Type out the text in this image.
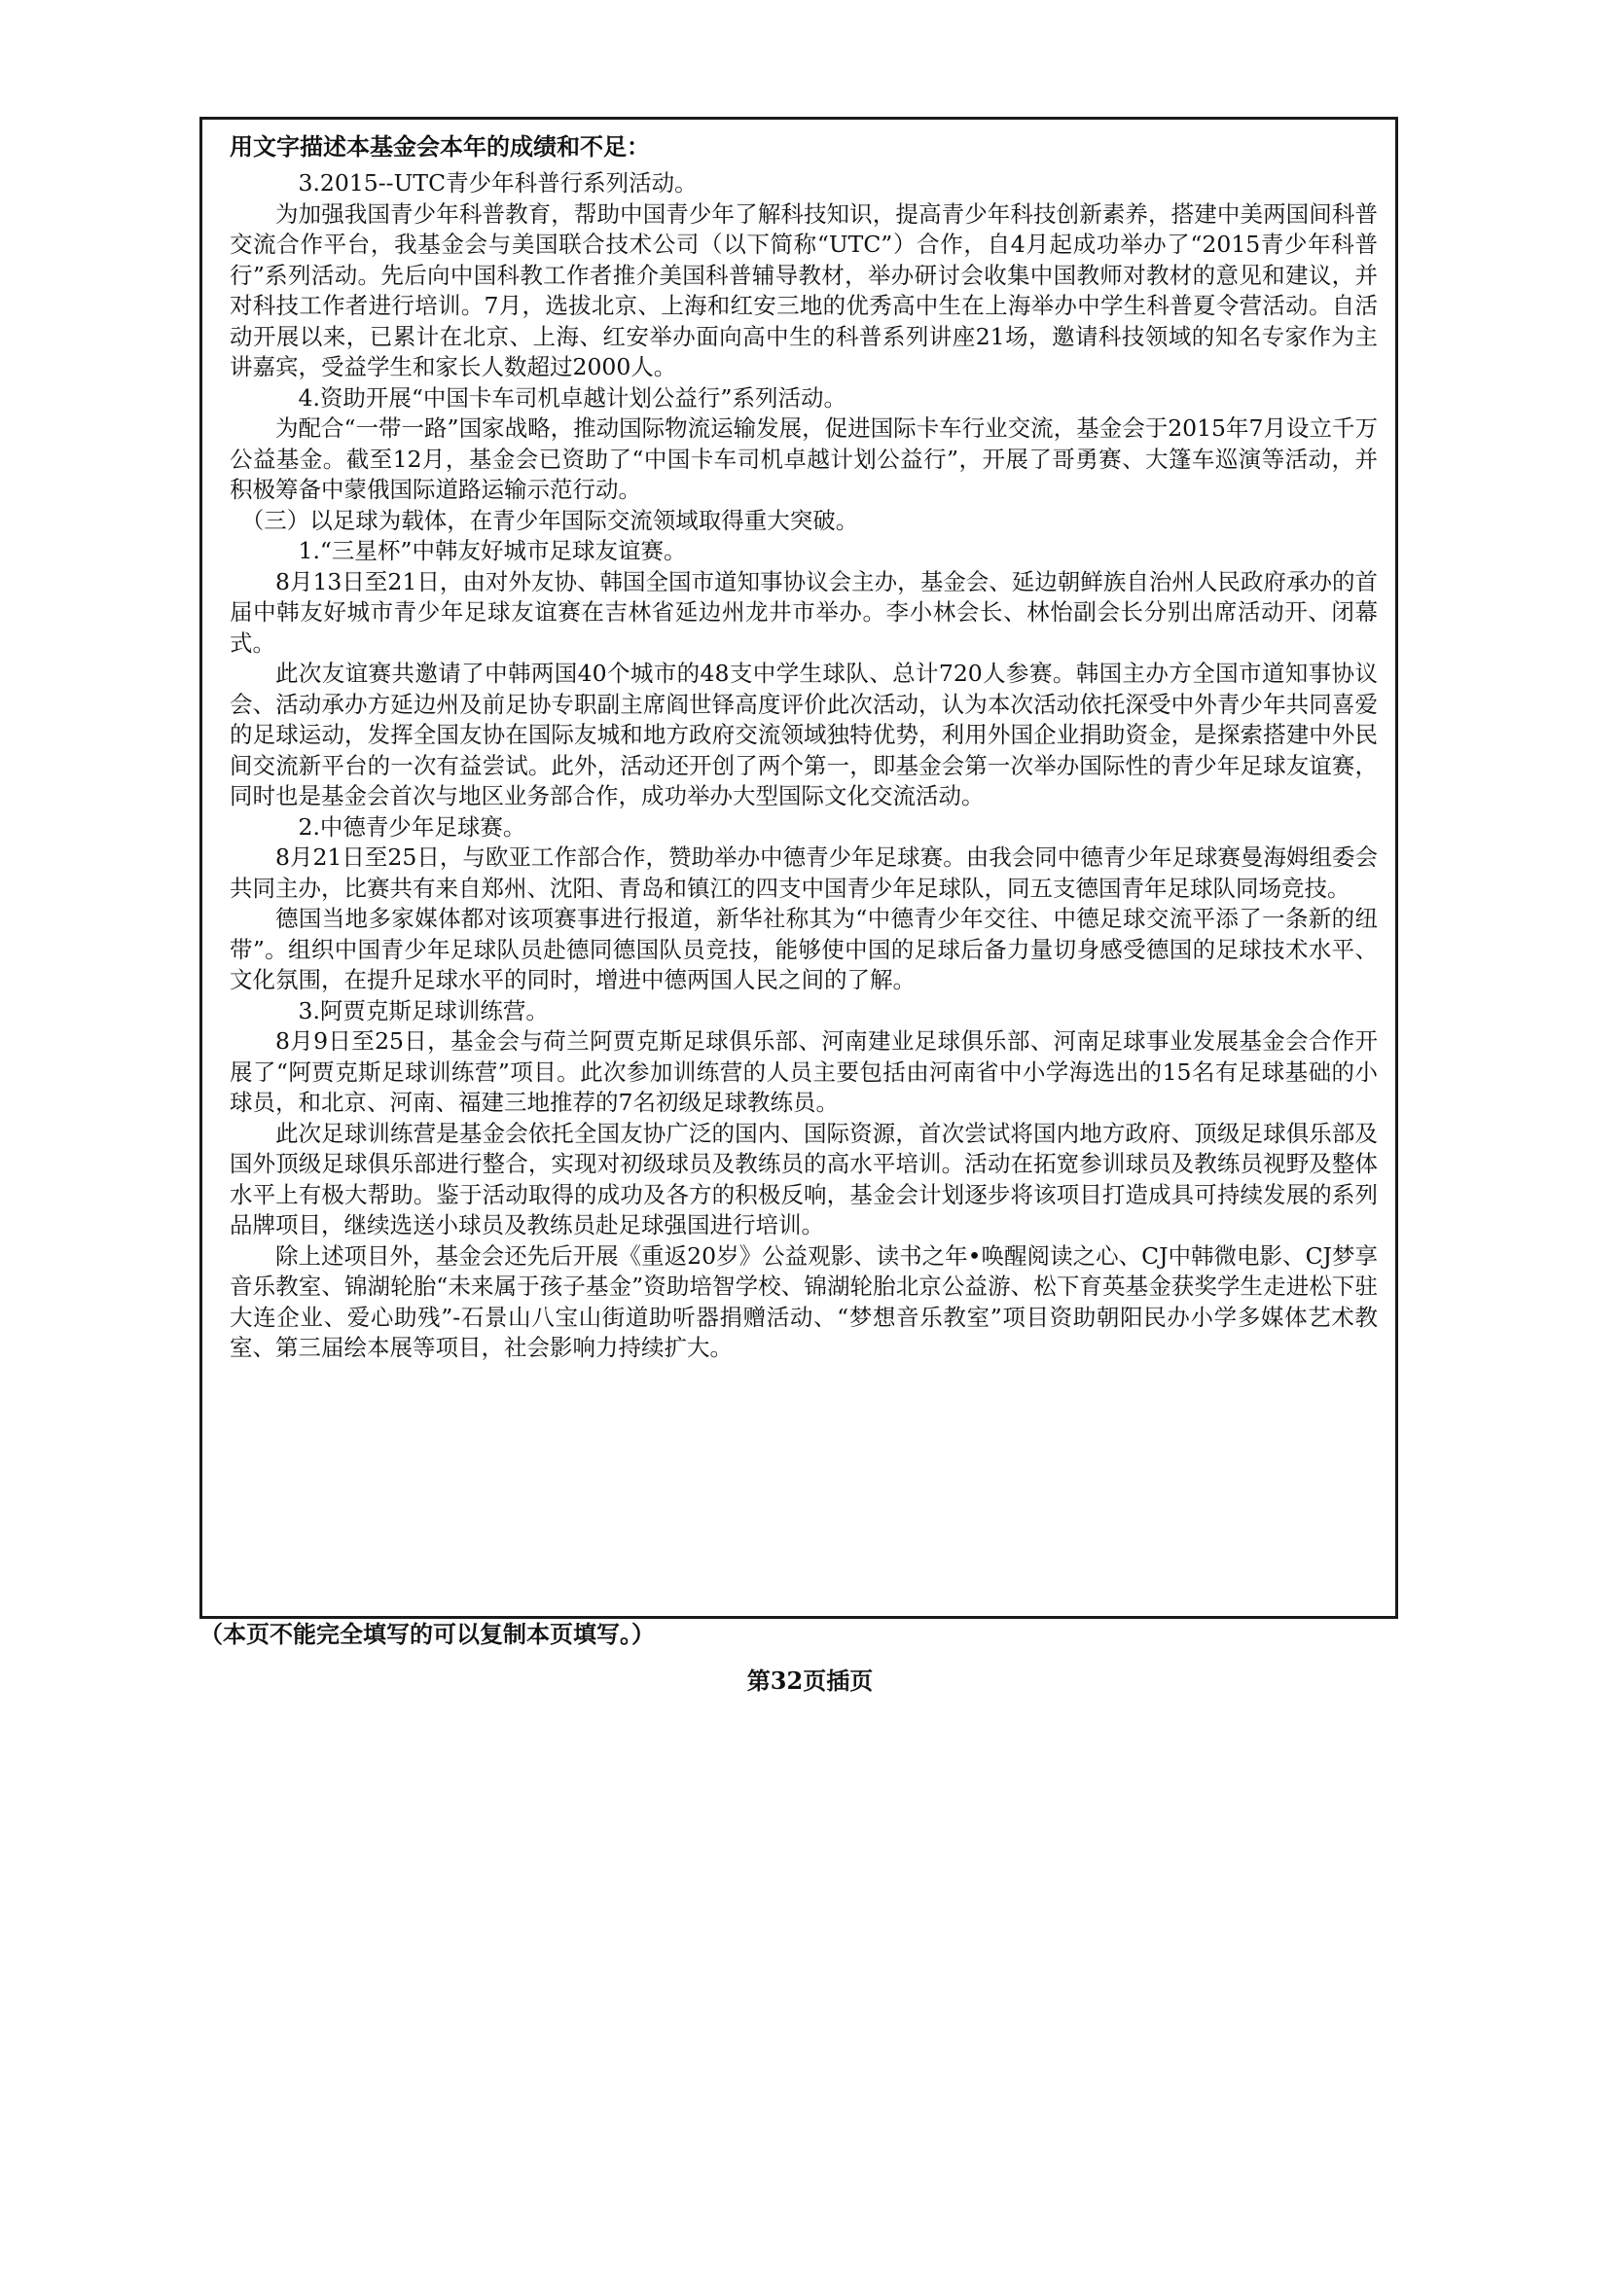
用文字描述本基金会本年的成绩和不足：

3.2015--UTC青少年科普行系列活动。

为加强我国青少年科普教育，帮助中国青少年了解科技知识，提高青少年科技创新素养，搭建中美两国间科普交流合作平台，我基金会与美国联合技术公司（以下简称“UTC”）合作，自4月起成功举办了“2015青少年科普行”系列活动。先后向中国科教工作者推介美国科普辅导教材，举办研讨会收集中国教师对教材的意见和建议，并对科技工作者进行培训。7月，选拔北京、上海和红安三地的优秀高中生在上海举办中学生科普夏令营活动。自活动开展以来，已累计在北京、上海、红安举办面向高中生的科普系列讲座21场，邀请科技领域的知名专家作为主讲嘉宾，受益学生和家长人数超过2000人。

4.资助开展“中国卡车司机卓越计划公益行”系列活动。

为配合“一带一路”国家战略，推动国际物流运输发展，促进国际卡车行业交流，基金会于2015年7月设立千万公益基金。截至12月，基金会已资助了“中国卡车司机卓越计划公益行”，开展了哥勇赛、大篷车巡演等活动，并积极筹备中蒙俄国际道路运输示范行动。

（三）以足球为载体，在青少年国际交流领域取得重大突破。

1.“三星杯”中韩友好城市足球友谊赛。

8月13日至21日，由对外友协、韩国全国市道知事协议会主办，基金会、延边朝鲜族自治州人民政府承办的首届中韩友好城市青少年足球友谊赛在吉林省延边州龙井市举办。李小林会长、林怡副会长分别出席活动开、闭幕式。

此次友谊赛共邀请了中韩两国40个城市的48支中学生球队、总计720人参赛。韩国主办方全国市道知事协议会、活动承办方延边州及前足协专职副主席阎世铎高度评价此次活动，认为本次活动依托深受中外青少年共同喜爱的足球运动，发挥全国友协在国际友城和地方政府交流领域独特优势，利用外国企业捐助资金，是探索搭建中外民间交流新平台的一次有益尝试。此外，活动还开创了两个第一，即基金会第一次举办国际性的青少年足球友谊赛，同时也是基金会首次与地区业务部合作，成功举办大型国际文化交流活动。

2.中德青少年足球赛。

8月21日至25日，与欧亚工作部合作，赞助举办中德青少年足球赛。由我会同中德青少年足球赛曼海姆组委会共同主办，比赛共有来自郑州、沈阳、青岛和镇江的四支中国青少年足球队，同五支德国青年足球队同场竞技。

德国当地多家媒体都对该项赛事进行报道，新华社称其为“中德青少年交往、中德足球交流平添了一条新的纽带”。组织中国青少年足球队员赴德同德国队员竞技，能够使中国的足球后备力量切身感受德国的足球技术水平、文化氛围，在提升足球水平的同时，增进中德两国人民之间的了解。

3.阿贾克斯足球训练营。

8月9日至25日，基金会与荷兰阿贾克斯足球俱乐部、河南建业足球俱乐部、河南足球事业发展基金会合作开展了“阿贾克斯足球训练营”项目。此次参加训练营的人员主要包括由河南省中小学海选出的15名有足球基础的小球员，和北京、河南、福建三地推荐的7名初级足球教练员。

此次足球训练营是基金会依托全国友协广泛的国内、国际资源，首次尝试将国内地方政府、顶级足球俱乐部及国外顶级足球俱乐部进行整合，实现对初级球员及教练员的高水平培训。活动在拓宽参训球员及教练员视野及整体水平上有极大帮助。鉴于活动取得的成功及各方的积极反响，基金会计划逐步将该项目打造成具可持续发展的系列品牌项目，继续选送小球员及教练员赴足球强国进行培训。

除上述项目外，基金会还先后开展《重返20岁》公益观影、读书之年•唤醒阅读之心、CJ中韩微电影、CJ梦享音乐教室、锦湖轮胎“未来属于孩子基金”资助培智学校、锦湖轮胎北京公益游、松下育英基金获奖学生走进松下驻大连企业、爱心助残”-石景山八宝山街道助听器捐赠活动、“梦想音乐教室”项目资助朝阳民办小学多媒体艺术教室、第三届绘本展等项目，社会影响力持续扩大。

（本页不能完全填写的可以复制本页填写。）
第32页插页
